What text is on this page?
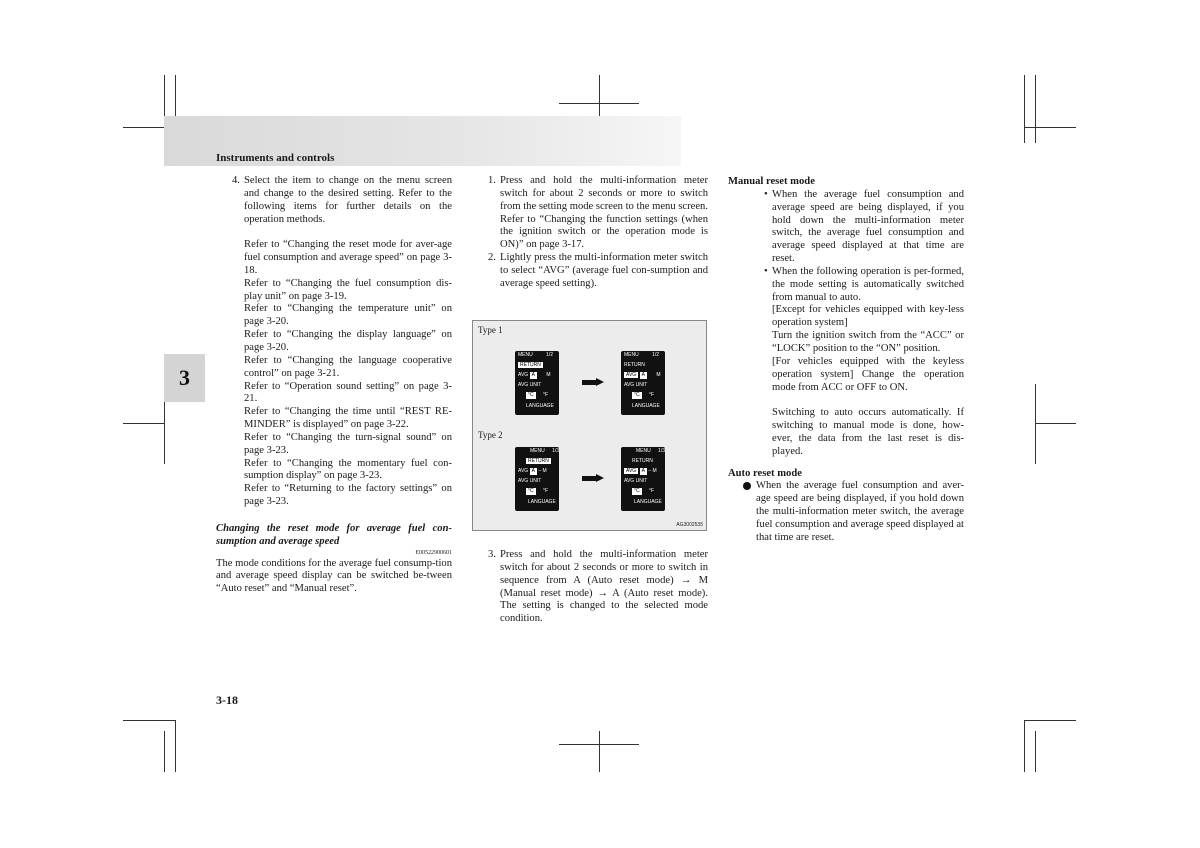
Instruments and controls
3
4. Select the item to change on the menu screen and change to the desired setting. Refer to the following items for further details on the operation methods.

Refer to “Changing the reset mode for aver-age fuel consumption and average speed” on page 3-18.

Refer to “Changing the fuel consumption dis-play unit” on page 3-19.

Refer to “Changing the temperature unit” on page 3-20.

Refer to “Changing the display language” on page 3-20.

Refer to “Changing the language cooperative control” on page 3-21.

Refer to “Operation sound setting” on page 3-21.

Refer to “Changing the time until “REST RE-MINDER” is displayed” on page 3-22.

Refer to “Changing the turn-signal sound” on page 3-23.

Refer to “Changing the momentary fuel con-sumption display” on page 3-23.

Refer to “Returning to the factory settings” on page 3-23.

Changing the reset mode for average fuel con-sumption and average speed

E00522900601

The mode conditions for the average fuel consump-tion and average speed display can be switched be-tween “Auto reset” and “Manual reset”.

1. Press and hold the multi-information meter switch for about 2 seconds or more to switch from the setting mode screen to the menu screen.

Refer to “Changing the function settings (when the ignition switch or the operation mode is ON)” on page 3-17.

2. Lightly press the multi-information meter switch to select “AVG” (average fuel con-sumption and average speed setting).

Type 1
Type 2
MENU	1/2
RETURN
AVG A M
AVG UNIT
°C °F
LANGUAGE
MENU	1/2
RETURN
AVG A M
AVG UNIT
°C °F
LANGUAGE
MENU 1/3
RETURN
AVG A – M
AVG UNIT
°C °F
LANGUAGE
MENU 1/3
RETURN
AVG A – M
AVG UNIT
°C °F
LANGUAGE
AG3002535
3. Press and hold the multi-information meter switch for about 2 seconds or more to switch in sequence from A (Auto reset mode) → M (Manual reset mode) → A (Auto reset mode). The setting is changed to the selected mode condition.

Manual reset mode

• When the average fuel consumption and average speed are being displayed, if you hold down the multi-information meter switch, the average fuel consumption and average speed displayed at that time are reset.

• When the following operation is per-formed, the mode setting is automatically switched from manual to auto.

[Except for vehicles equipped with key-less operation system]

Turn the ignition switch from the “ACC” or “LOCK” position to the “ON” position.

[For vehicles equipped with the keyless operation system] Change the operation mode from ACC or OFF to ON.

Switching to auto occurs automatically. If switching to manual mode is done, how-ever, the data from the last reset is dis-played.

Auto reset mode

When the average fuel consumption and aver-age speed are being displayed, if you hold down the multi-information meter switch, the average fuel consumption and average speed displayed at that time are reset.

3-18
